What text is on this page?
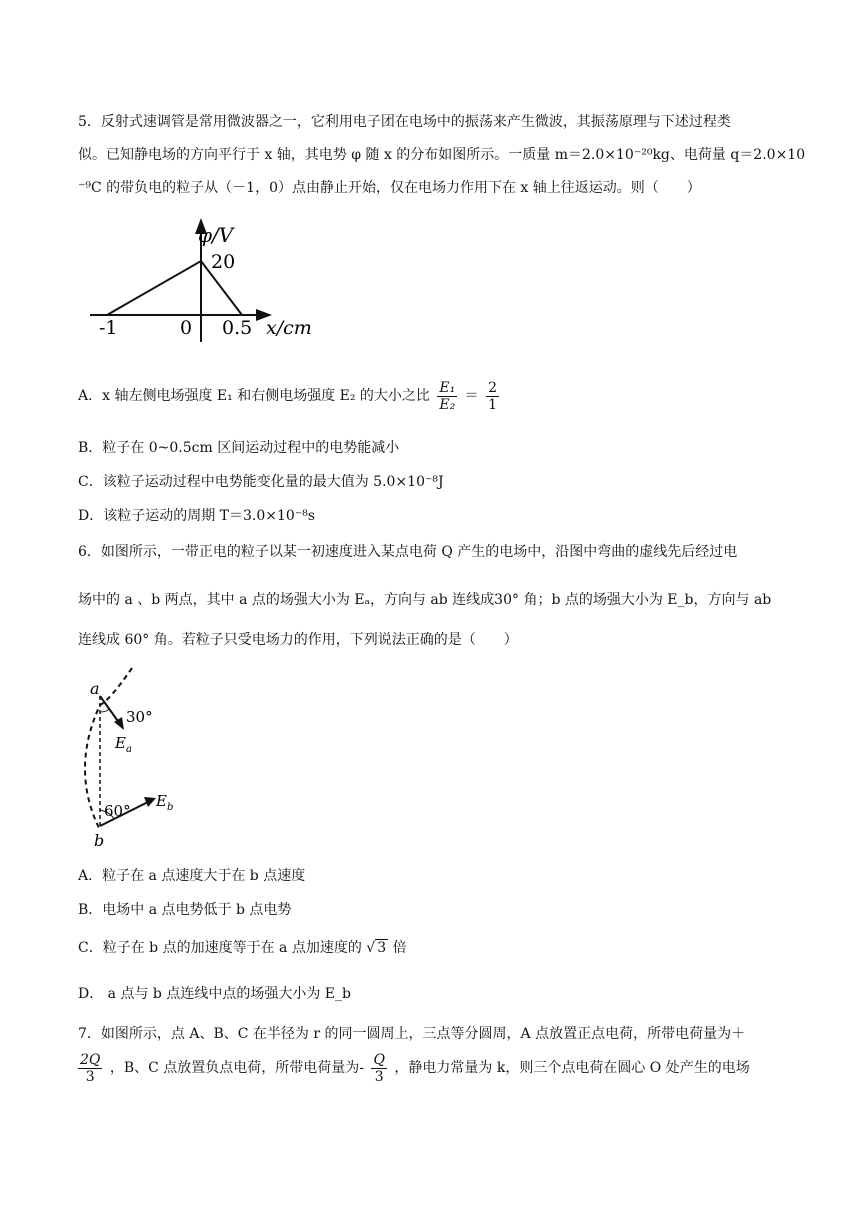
5．反射式速调管是常用微波器之一，它利用电子团在电场中的振荡来产生微波，其振荡原理与下述过程类
似。已知静电场的方向平行于 x 轴，其电势 φ 随 x 的分布如图所示。一质量 m＝2.0×10⁻²⁰kg、电荷量 q＝2.0×10
⁻⁹C 的带负电的粒子从（－1，0）点由静止开始，仅在电场力作用下在 x 轴上往返运动。则（　　）
φ/V
20
-1	0 0.5 x/cm
A．x 轴左侧电场强度 E₁ 和右侧电场强度 E₂ 的大小之比 $\frac{\text{E₁}}{\text{E₂}} = \frac{2}{1}$
B．粒子在 0~0.5cm 区间运动过程中的电势能减小
C．该粒子运动过程中电势能变化量的最大值为 5.0×10⁻⁸J
D．该粒子运动的周期 T＝3.0×10⁻⁸s
6．如图所示，一带正电的粒子以某一初速度进入某点电荷 Q 产生的电场中，沿图中弯曲的虚线先后经过电
场中的 a 、b 两点，其中 a 点的场强大小为 Eₐ，方向与 ab 连线成30° 角；b 点的场强大小为 E_b，方向与 ab
连线成 60° 角。若粒子只受电场力的作用，下列说法正确的是（　　）
a
30°
$E_a$
60°
$E_b$
b
A．粒子在 a 点速度大于在 b 点速度
B．电场中 a 点电势低于 b 点电势
C．粒子在 b 点的加速度等于在 a 点加速度的 √ 3 倍
D． a 点与 b 点连线中点的场强大小为 E_b
7．如图所示，点 A、B、C 在半径为 r 的同一圆周上，三点等分圆周，A 点放置正点电荷，所带电荷量为＋
$\frac{2Q}{3}$ ，B、C 点放置负点电荷，所带电荷量为- $\frac{Q}{3}$ ，静电力常量为 k，则三个点电荷在圆心 O 处产生的电场
